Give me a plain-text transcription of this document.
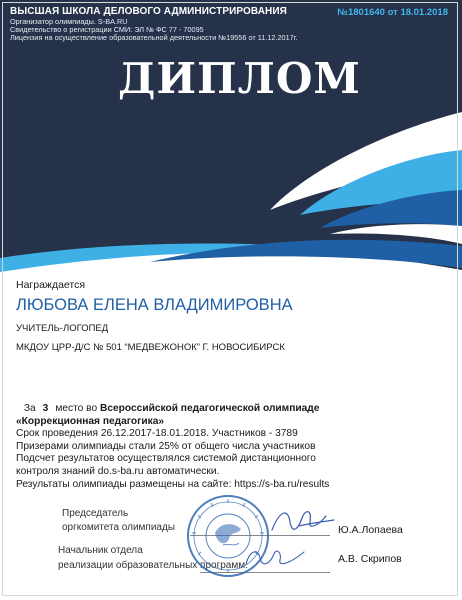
ВЫСШАЯ ШКОЛА ДЕЛОВОГО АДМИНИСТРИРОВАНИЯ
Организатор олимпиады. S-BA.RU
Свидетельство о регистрации СМИ: ЭЛ № ФС 77 - 70095
Лицензия на осуществление образовательной деятельности №19556 от 11.12.2017г.
№1801640 от 18.01.2018
ДИПЛОМ
Награждается
ЛЮБОВА ЕЛЕНА ВЛАДИМИРОВНА
УЧИТЕЛЬ-ЛОГОПЕД
МКДОУ ЦРР-Д/С № 501 “МЕДВЕЖОНОК” Г. НОВОСИБИРСК
За 3 место во Всероссийской педагогической олимпиаде
«Коррекционная педагогика»
Срок проведения 26.12.2017-18.01.2018. Участников - 3789
Призерами олимпиады стали 25% от общего числа участников
Подсчет результатов осуществлялся системой дистанционного
контроля знаний do.s-ba.ru автоматически.
Результаты олимпиады размещены на сайте: https://s-ba.ru/results
Председатель
оргкомитета олимпиады	Ю.А.Лопаева
Начальник отдела
реализации образовательных программ:
А.В. Скрипов
